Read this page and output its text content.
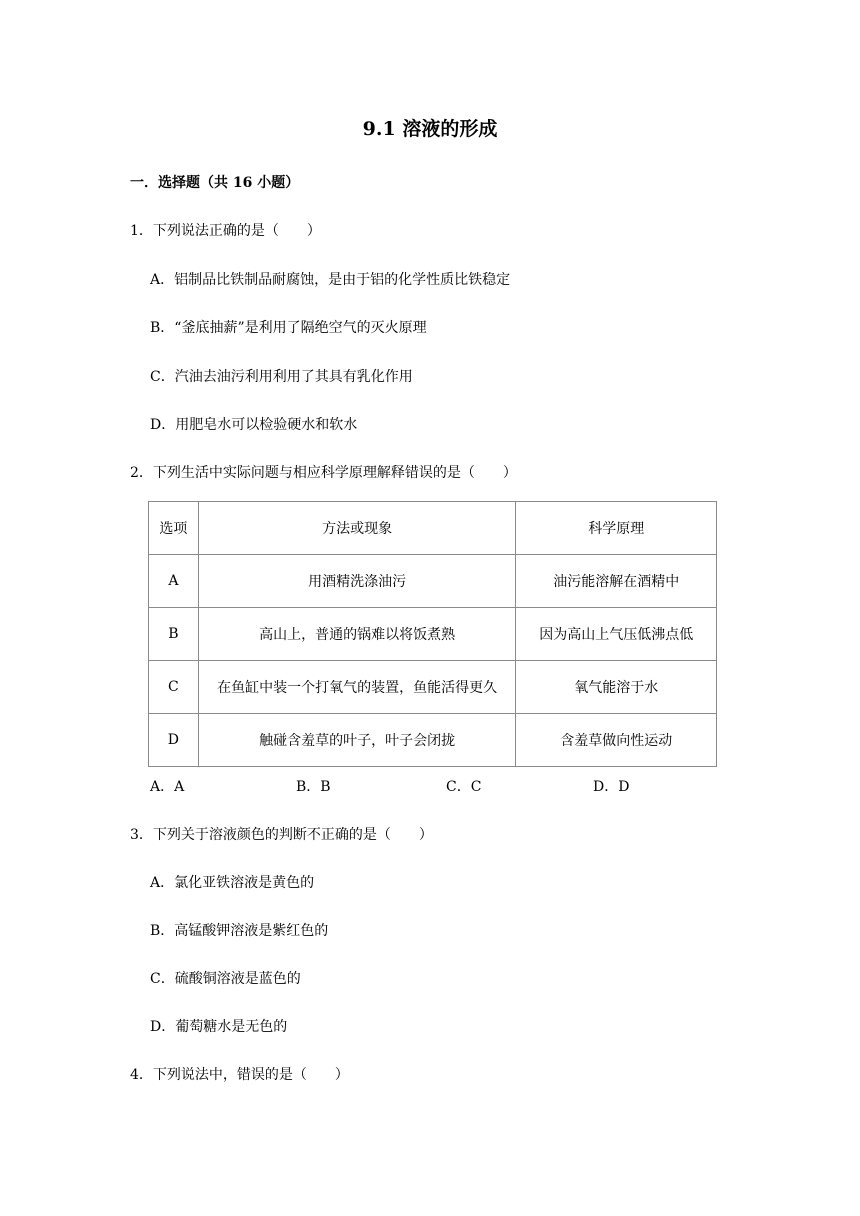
9.1 溶液的形成
一．选择题（共 16 小题）
1．下列说法正确的是（　　）
A．铝制品比铁制品耐腐蚀，是由于铝的化学性质比铁稳定
B．“釜底抽薪”是利用了隔绝空气的灭火原理
C．汽油去油污利用利用了其具有乳化作用
D．用肥皂水可以检验硬水和软水
2．下列生活中实际问题与相应科学原理解释错误的是（　　）
选项	方法或现象	科学原理
A	用酒精洗涤油污	油污能溶解在酒精中
B	高山上，普通的锅难以将饭煮熟	因为高山上气压低沸点低
C	在鱼缸中装一个打氧气的装置，鱼能活得更久	氧气能溶于水
D	触碰含羞草的叶子，叶子会闭拢	含羞草做向性运动
A．A	B．B	C．C	D．D
3．下列关于溶液颜色的判断不正确的是（　　）
A．氯化亚铁溶液是黄色的
B．高锰酸钾溶液是紫红色的
C．硫酸铜溶液是蓝色的
D．葡萄糖水是无色的
4．下列说法中，错误的是（　　）
